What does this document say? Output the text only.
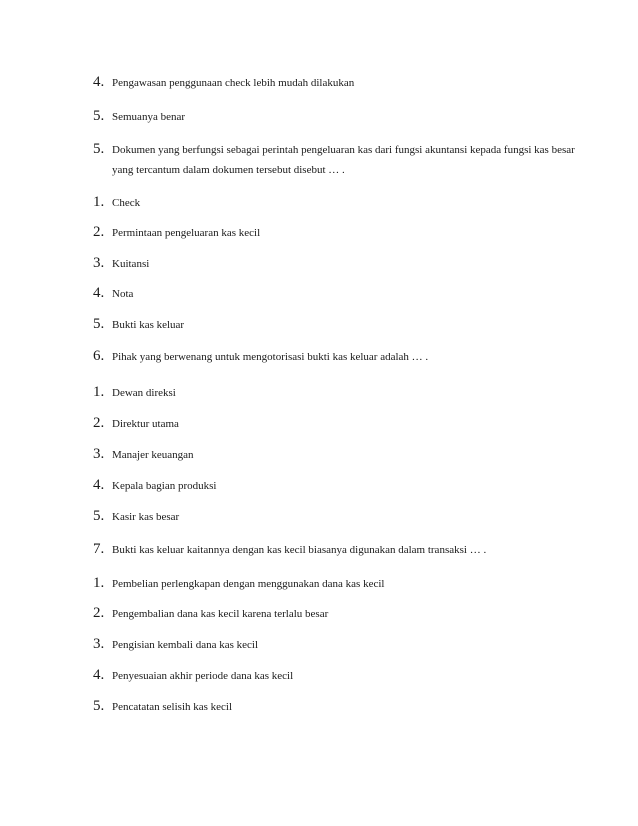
4. Pengawasan penggunaan check lebih mudah dilakukan
5. Semuanya benar
5. Dokumen yang berfungsi sebagai perintah pengeluaran kas dari fungsi akuntansi kepada fungsi kas besar
yang tercantum dalam dokumen tersebut disebut … .
1. Check
2. Permintaan pengeluaran kas kecil
3. Kuitansi
4. Nota
5. Bukti kas keluar
6. Pihak yang berwenang untuk mengotorisasi bukti kas keluar adalah … .
1. Dewan direksi
2. Direktur utama
3. Manajer keuangan
4. Kepala bagian produksi
5. Kasir kas besar
7. Bukti kas keluar kaitannya dengan kas kecil biasanya digunakan dalam transaksi … .
1. Pembelian perlengkapan dengan menggunakan dana kas kecil
2. Pengembalian dana kas kecil karena terlalu besar
3. Pengisian kembali dana kas kecil
4. Penyesuaian akhir periode dana kas kecil
5. Pencatatan selisih kas kecil
